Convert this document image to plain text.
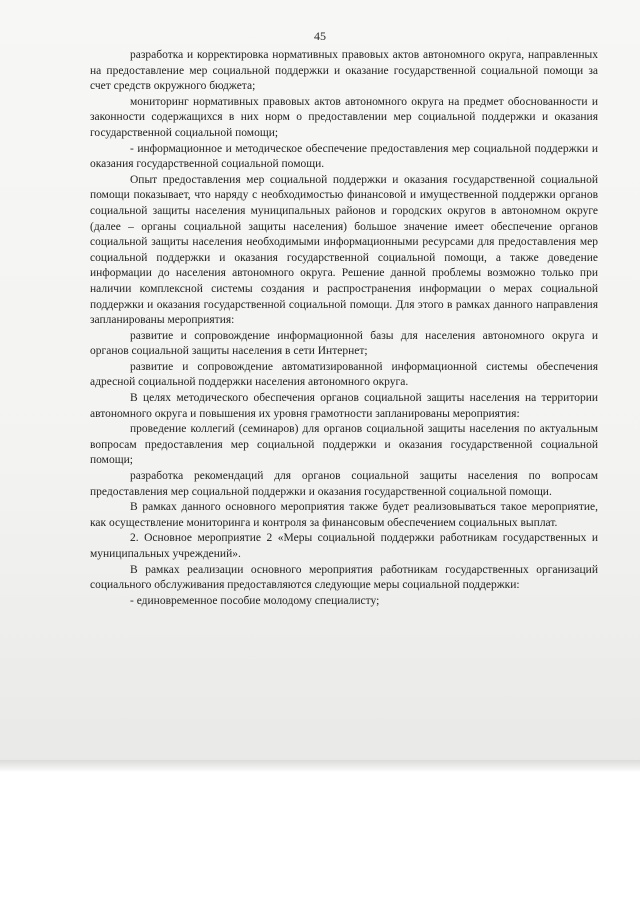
45

разработка и корректировка нормативных правовых актов автономного округа, направленных на предоставление мер социальной поддержки и оказание государственной социальной помощи за счет средств окружного бюджета;

мониторинг нормативных правовых актов автономного округа на предмет обоснованности и законности содержащихся в них норм о предоставлении мер социальной поддержки и оказания государственной социальной помощи;

- информационное и методическое обеспечение предоставления мер социальной поддержки и оказания государственной социальной помощи.

Опыт предоставления мер социальной поддержки и оказания государственной социальной помощи показывает, что наряду с необходимостью финансовой и имущественной поддержки органов социальной защиты населения муниципальных районов и городских округов в автономном округе (далее – органы социальной защиты населения) большое значение имеет обеспечение органов социальной защиты населения необходимыми информационными ресурсами для предоставления мер социальной поддержки и оказания государственной социальной помощи, а также доведение информации до населения автономного округа. Решение данной проблемы возможно только при наличии комплексной системы создания и распространения информации о мерах социальной поддержки и оказания государственной социальной помощи. Для этого в рамках данного направления запланированы мероприятия:

развитие и сопровождение информационной базы для населения автономного округа и органов социальной защиты населения в сети Интернет;

развитие и сопровождение автоматизированной информационной системы обеспечения адресной социальной поддержки населения автономного округа.

В целях методического обеспечения органов социальной защиты населения на территории автономного округа и повышения их уровня грамотности запланированы мероприятия:

проведение коллегий (семинаров) для органов социальной защиты населения по актуальным вопросам предоставления мер социальной поддержки и оказания государственной социальной помощи;

разработка рекомендаций для органов социальной защиты населения по вопросам предоставления мер социальной поддержки и оказания государственной социальной помощи.

В рамках данного основного мероприятия также будет реализовываться такое мероприятие, как осуществление мониторинга и контроля за финансовым обеспечением социальных выплат.

2. Основное мероприятие 2 «Меры социальной поддержки работникам государственных и муниципальных учреждений».

В рамках реализации основного мероприятия работникам государственных организаций социального обслуживания предоставляются следующие меры социальной поддержки:

- единовременное пособие молодому специалисту;
